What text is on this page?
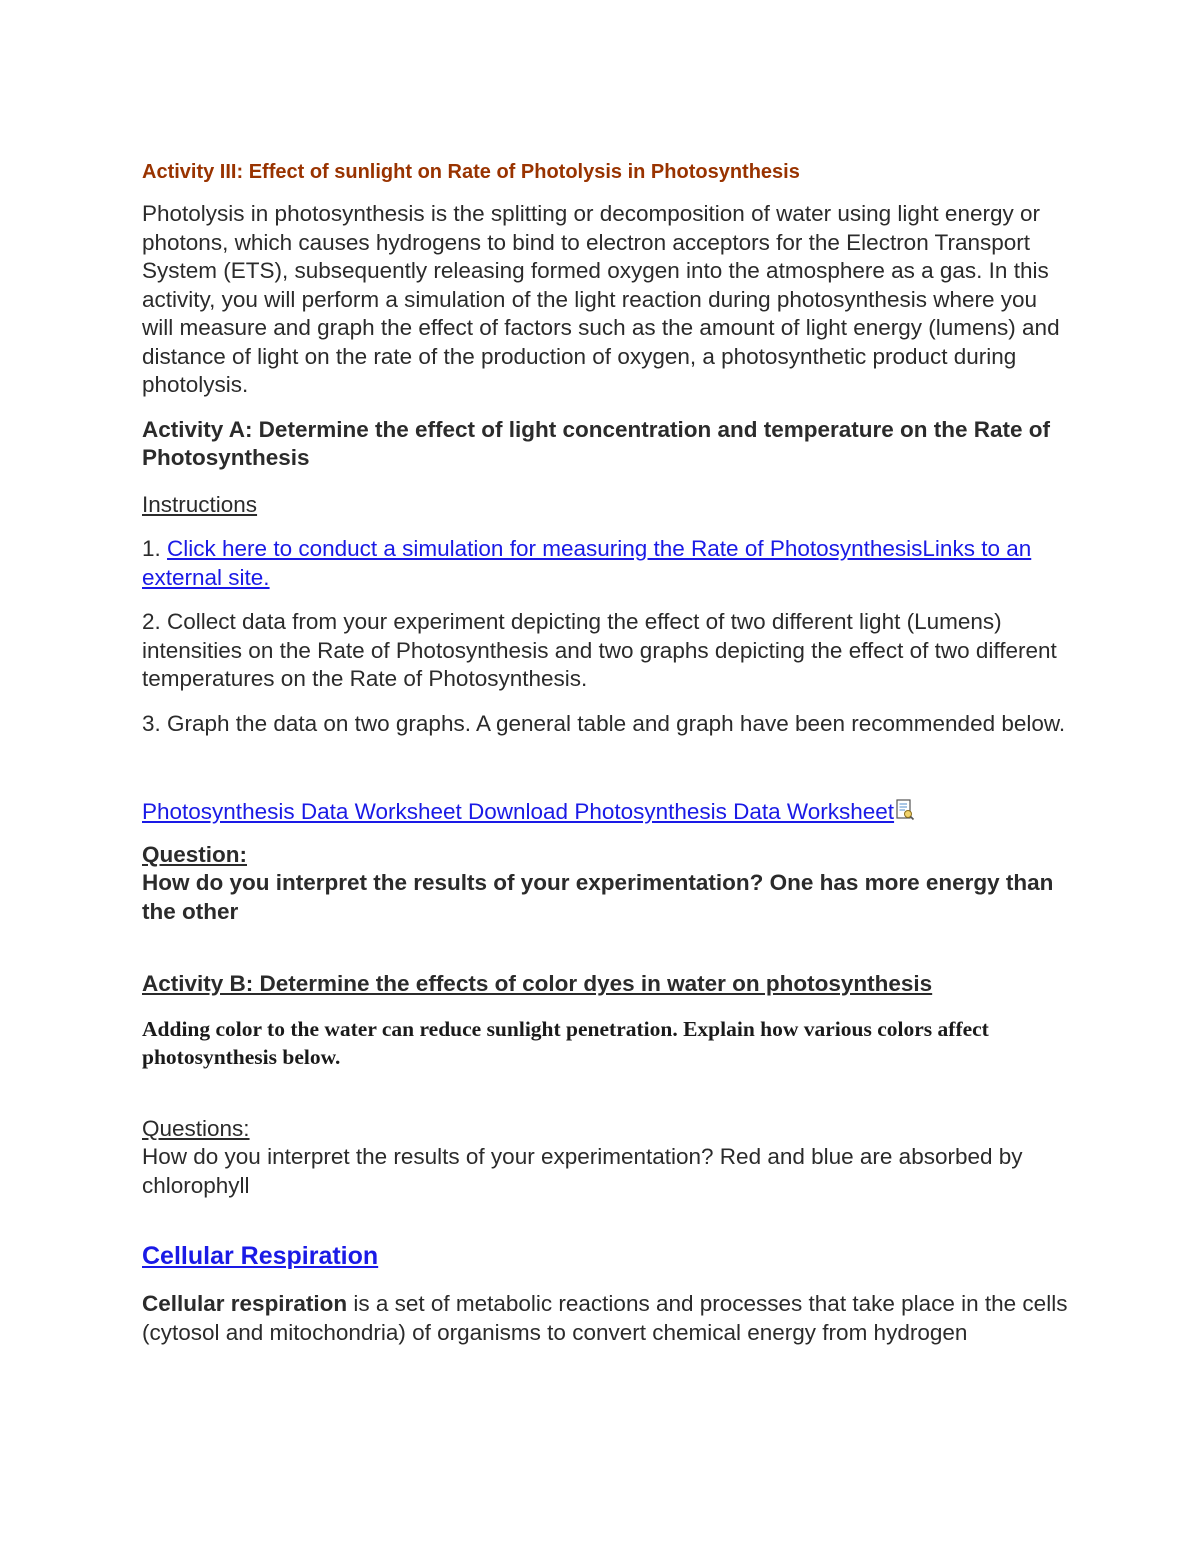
Activity III: Effect of sunlight on Rate of Photolysis in Photosynthesis

Photolysis in photosynthesis is the splitting or decomposition of water using light energy or photons, which causes hydrogens to bind to electron acceptors for the Electron Transport System (ETS), subsequently releasing formed oxygen into the atmosphere as a gas. In this activity, you will perform a simulation of the light reaction during photosynthesis where you will measure and graph the effect of factors such as the amount of light energy (lumens) and distance of light on the rate of the production of oxygen, a photosynthetic product during photolysis.

Activity A: Determine the effect of light concentration and temperature on the Rate of Photosynthesis

Instructions

1. Click here to conduct a simulation for measuring the Rate of PhotosynthesisLinks to an external site.

2. Collect data from your experiment depicting the effect of two different light (Lumens) intensities on the Rate of Photosynthesis and two graphs depicting the effect of two different temperatures on the Rate of Photosynthesis.

3. Graph the data on two graphs. A general table and graph have been recommended below.

Photosynthesis Data Worksheet Download Photosynthesis Data Worksheet

Question:

How do you interpret the results of your experimentation? One has more energy than the other

Activity B: Determine the effects of color dyes in water on photosynthesis

Adding color to the water can reduce sunlight penetration. Explain how various colors affect photosynthesis below.

Questions:

How do you interpret the results of your experimentation? Red and blue are absorbed by chlorophyll

Cellular Respiration

Cellular respiration is a set of metabolic reactions and processes that take place in the cells (cytosol and mitochondria) of organisms to convert chemical energy from hydrogen
